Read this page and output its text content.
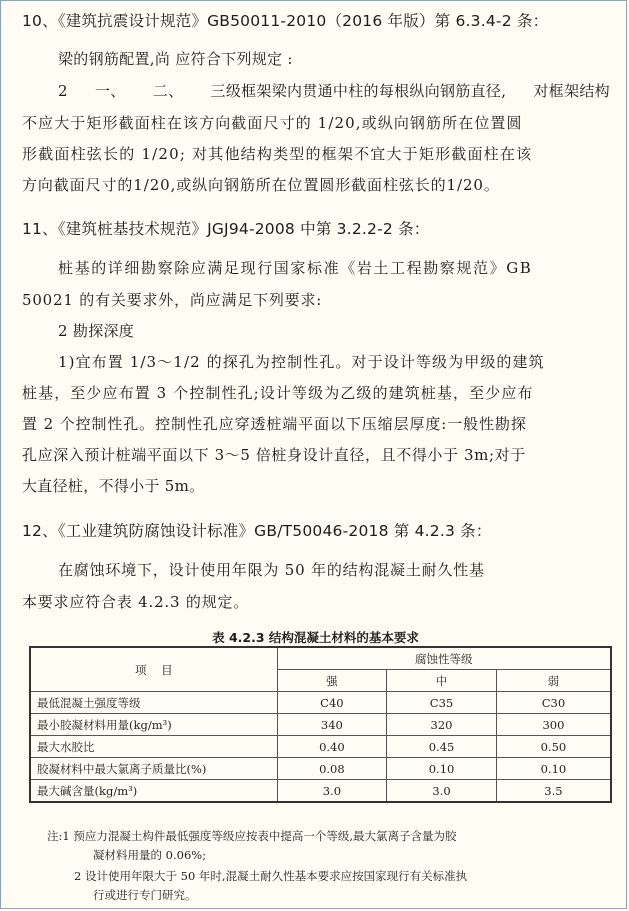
10、《建筑抗震设计规范》GB50011-2010（2016 年版）第 6.3.4-2 条：
梁的钢筋配置,尚 应符合下列规定 :
2 一、 二、 三级框架梁内贯通中柱的每根纵向钢筋直径, 对框架结构
不应大于矩形截面柱在该方向截面尺寸的 1/20,或纵向钢筋所在位置圆
形截面柱弦长的 1/20; 对其他结构类型的框架不宜大于矩形截面柱在该
方向截面尺寸的1/20,或纵向钢筋所在位置圆形截面柱弦长的1/20。
11、《建筑桩基技术规范》JGJ94-2008 中第 3.2.2-2 条：
桩基的详细勘察除应满足现行国家标准《岩土工程勘察规范》GB
50021 的有关要求外，尚应满足下列要求:
2 勘探深度
1)宜布置 1/3～1/2 的探孔为控制性孔。对于设计等级为甲级的建筑
桩基，至少应布置 3 个控制性孔;设计等级为乙级的建筑桩基，至少应布
置 2 个控制性孔。控制性孔应穿透桩端平面以下压缩层厚度:一般性勘探
孔应深入预计桩端平面以下 3～5 倍桩身设计直径，且不得小于 3m;对于
大直径桩，不得小于 5m。
12、《工业建筑防腐蚀设计标准》GB/T50046-2018 第 4.2.3 条：
在腐蚀环境下，设计使用年限为 50 年的结构混凝土耐久性基
本要求应符合表 4.2.3 的规定。
表 4.2.3 结构混凝土材料的基本要求
项    目	腐蚀性等级		
	强	中	弱
最低混凝土强度等级	C40	C35	C30
最小胶凝材料用量(kg/m³)	340	320	300
最大水胶比	0.40	0.45	0.50
胶凝材料中最大氯离子质量比(%)	0.08	0.10	0.10
最大碱含量(kg/m³)	3.0	3.0	3.5
注:1 预应力混凝土构件最低强度等级应按表中提高一个等级,最大氯离子含量为胶
凝材料用量的 0.06%;
2 设计使用年限大于 50 年时,混凝土耐久性基本要求应按国家现行有关标准执
行或进行专门研究。
